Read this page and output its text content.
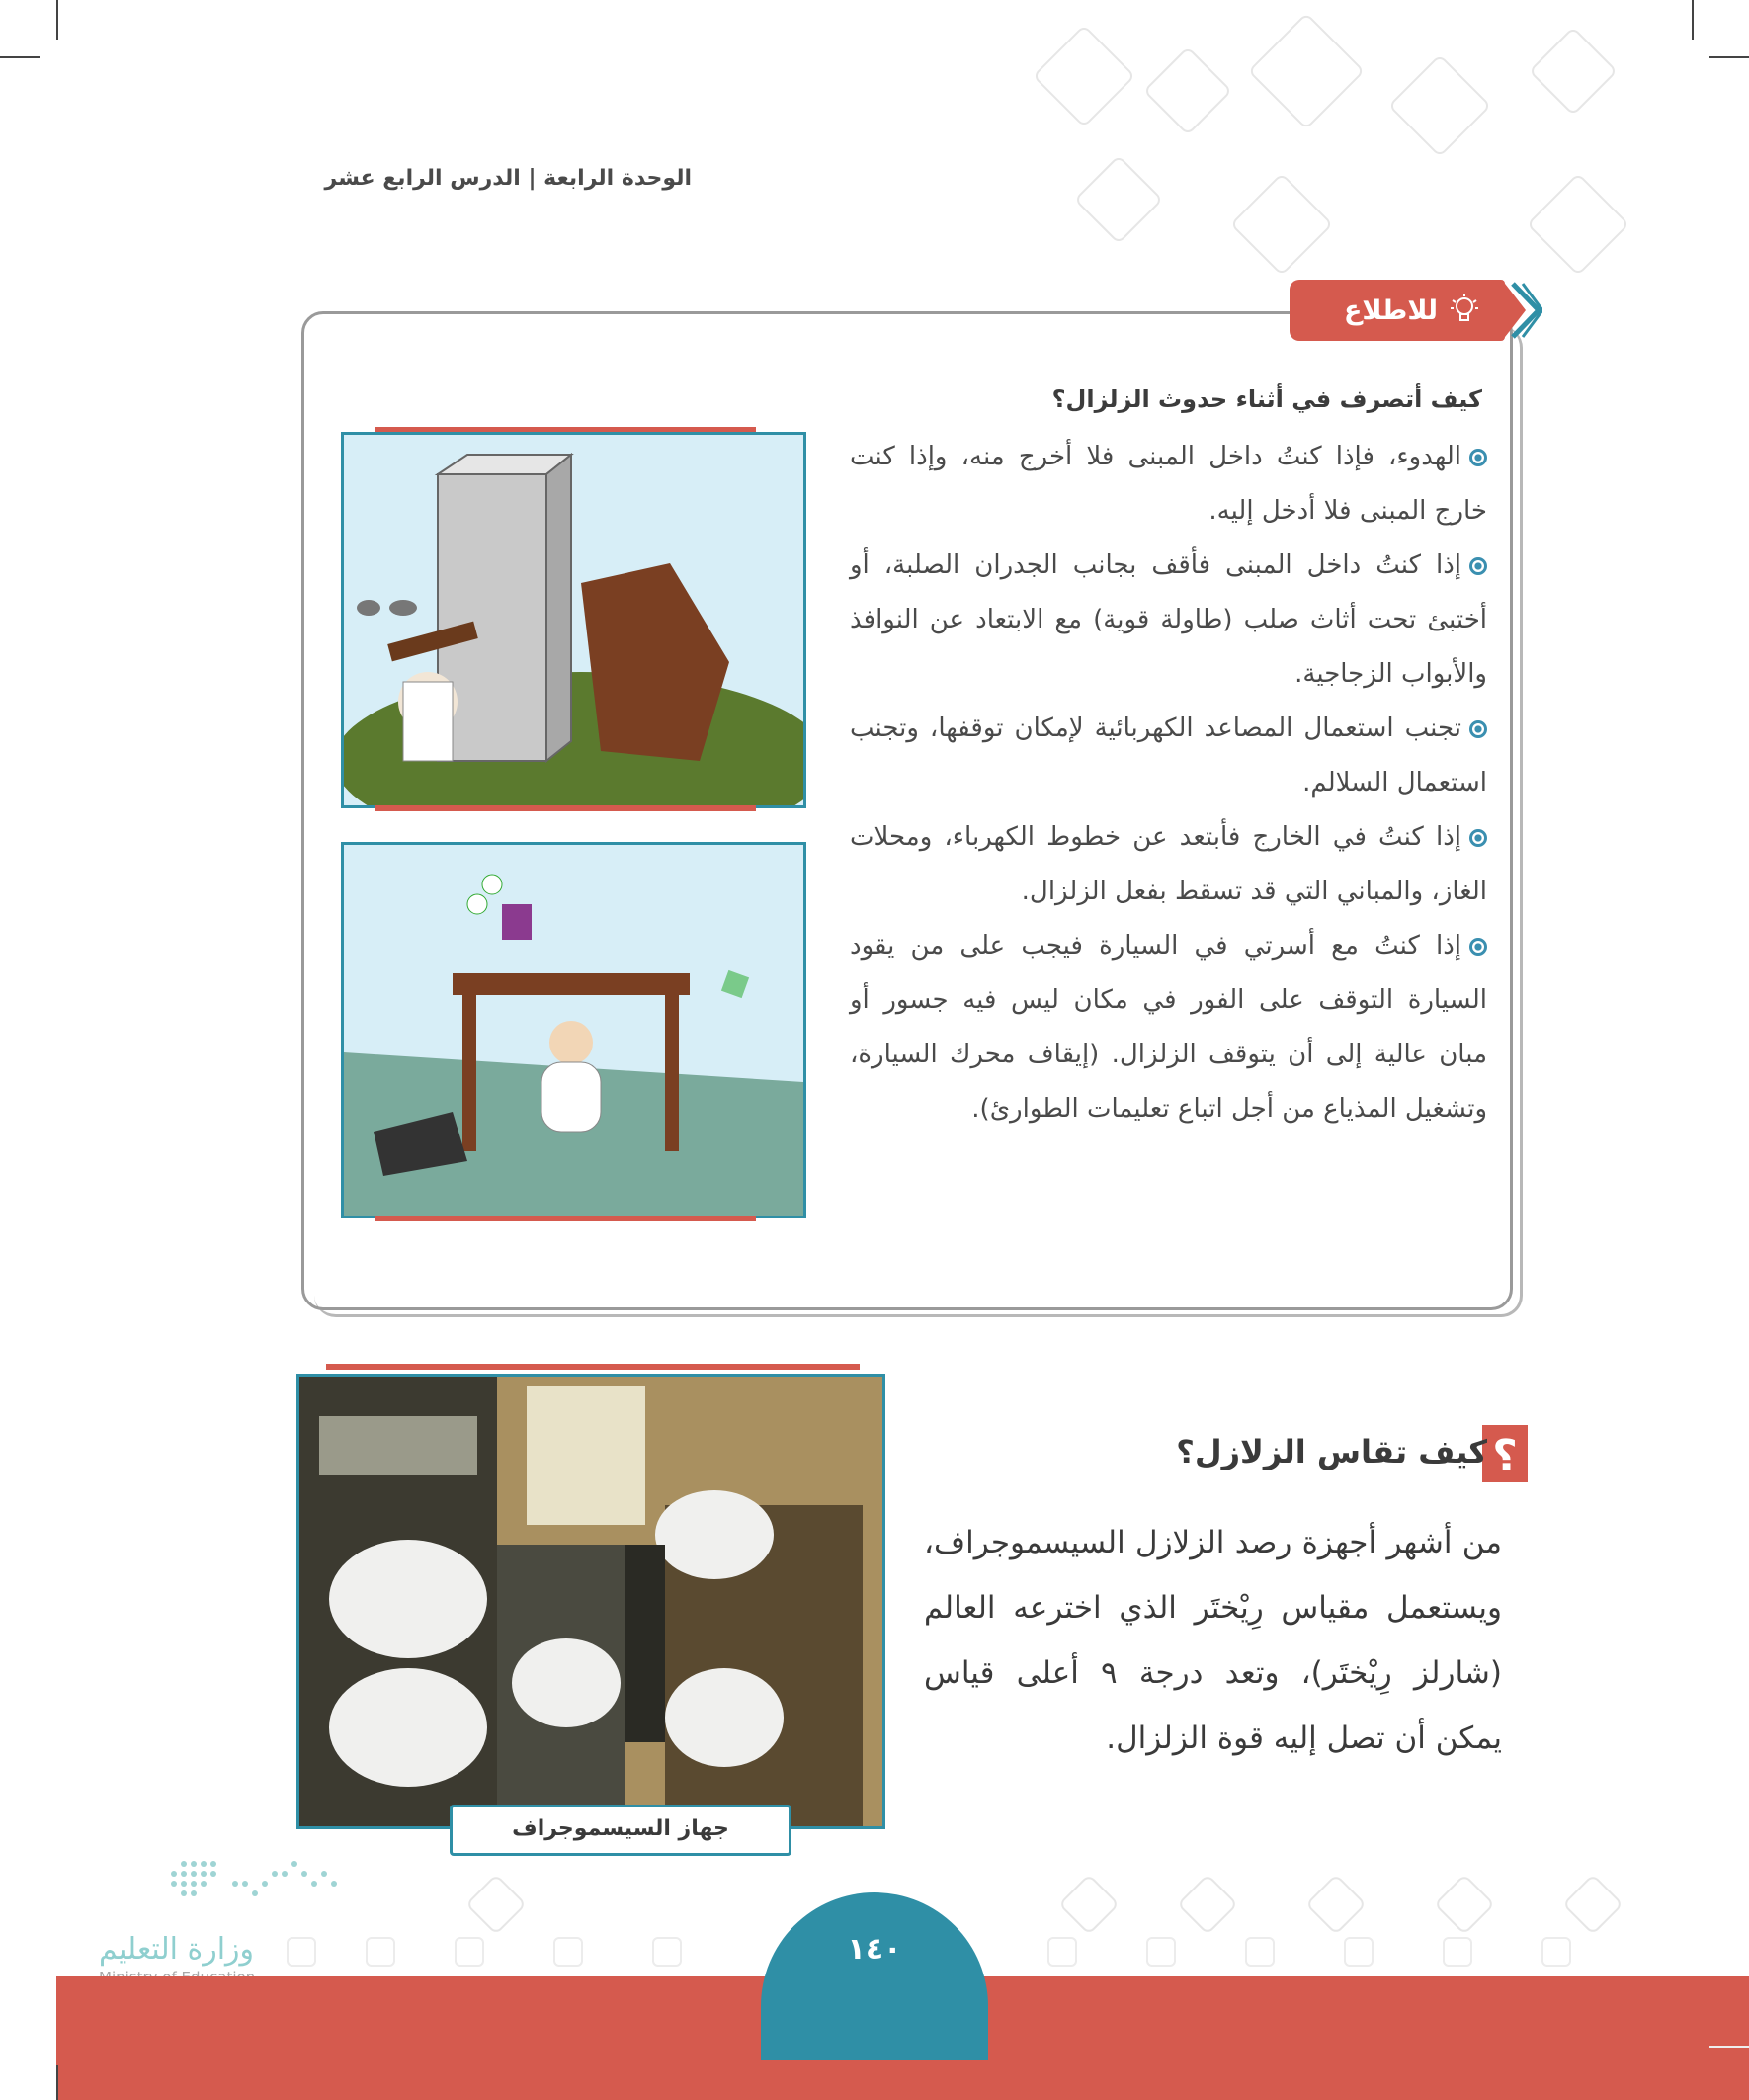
الوحدة الرابعة | الدرس الرابع عشر
للاطلاع
كيف أتصرف في أثناء حدوث الزلزال؟
الهدوء، فإذا كنتُ داخل المبنى فلا أخرج منه، وإذا كنت خارج المبنى فلا أدخل إليه.
إذا كنتُ داخل المبنى فأقف بجانب الجدران الصلبة، أو أختبئ تحت أثاث صلب (طاولة قوية) مع الابتعاد عن النوافذ والأبواب الزجاجية.
تجنب استعمال المصاعد الكهربائية لإمكان توقفها، وتجنب استعمال السلالم.
إذا كنتُ في الخارج فأبتعد عن خطوط الكهرباء، ومحلات الغاز، والمباني التي قد تسقط بفعل الزلزال.
إذا كنتُ مع أسرتي في السيارة فيجب على من يقود السيارة التوقف على الفور في مكان ليس فيه جسور أو مبان عالية إلى أن يتوقف الزلزال. (إيقاف محرك السيارة، وتشغيل المذياع من أجل اتباع تعليمات الطوارئ).
؟
كيف تقاس الزلازل؟
من أشهر أجهزة رصد الزلازل السيسموجراف، ويستعمل مقياس رِيْختَر الذي اخترعه العالم (شارلز رِيْختَر)، وتعد درجة ٩ أعلى قياس يمكن أن تصل إليه قوة الزلزال.
جهاز السيسموجراف
وزارة التعليم	١٤٠
